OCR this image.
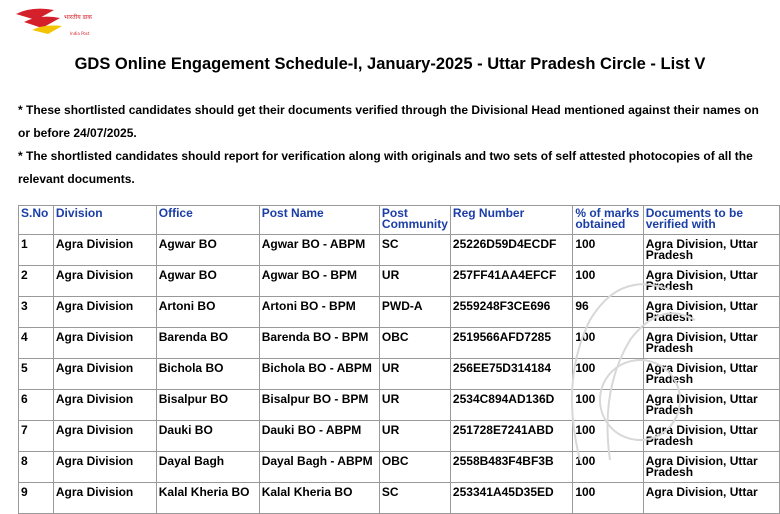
भारतीय डाक
India Post
GDS Online Engagement Schedule-I, January-2025 - Uttar Pradesh Circle - List V
* These shortlisted candidates should get their documents verified through the Divisional Head mentioned against their names on or before 24/07/2025.
* The shortlisted candidates should report for verification along with originals and two sets of self attested photocopies of all the relevant documents.
S.No	Division	Office	Post Name	Post Community	Reg Number	% of marks obtained	Documents to be verified with
1	Agra Division	Agwar BO	Agwar BO - ABPM	SC	25226D59D4ECDF	100	Agra Division, Uttar Pradesh
2	Agra Division	Agwar BO	Agwar BO - BPM	UR	257FF41AA4EFCF	100	Agra Division, Uttar Pradesh
3	Agra Division	Artoni BO	Artoni BO - BPM	PWD-A	2559248F3CE696	96	Agra Division, Uttar Pradesh
4	Agra Division	Barenda BO	Barenda BO - BPM	OBC	2519566AFD7285	100	Agra Division, Uttar Pradesh
5	Agra Division	Bichola BO	Bichola BO - ABPM	UR	256EE75D314184	100	Agra Division, Uttar Pradesh
6	Agra Division	Bisalpur BO	Bisalpur BO - BPM	UR	2534C894AD136D	100	Agra Division, Uttar Pradesh
7	Agra Division	Dauki BO	Dauki BO - ABPM	UR	251728E7241ABD	100	Agra Division, Uttar Pradesh
8	Agra Division	Dayal Bagh	Dayal Bagh - ABPM	OBC	2558B483F4BF3B	100	Agra Division, Uttar Pradesh
9	Agra Division	Kalal Kheria BO	Kalal Kheria BO	SC	253341A45D35ED	100	Agra Division, Uttar
